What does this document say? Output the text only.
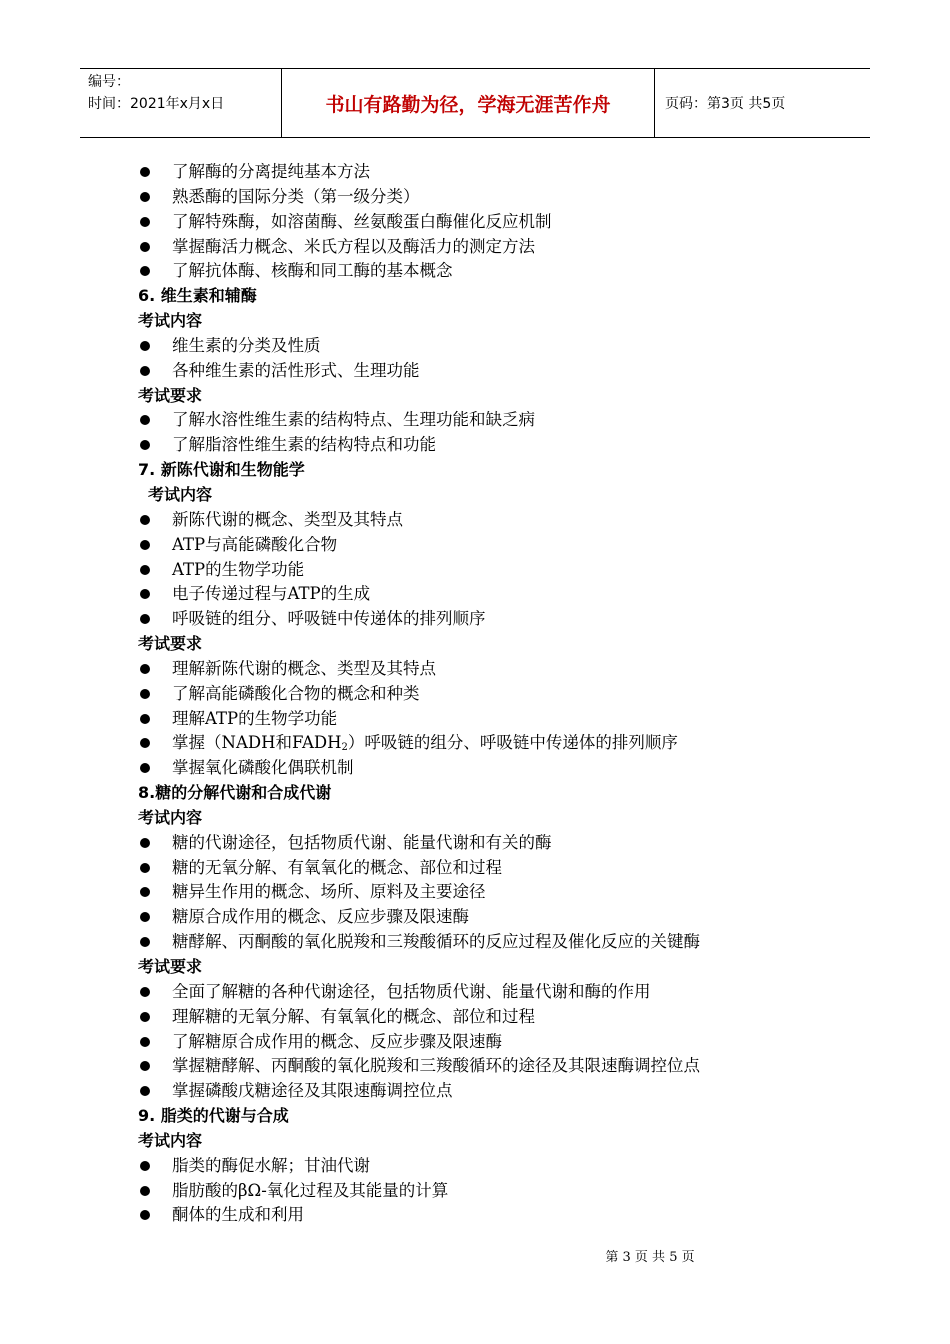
编号：
时间：2021年x月x日	书山有路勤为径，学海无涯苦作舟	页码：第3页 共5页
了解酶的分离提纯基本方法
熟悉酶的国际分类（第一级分类）
了解特殊酶，如溶菌酶、丝氨酸蛋白酶催化反应机制
掌握酶活力概念、米氏方程以及酶活力的测定方法
了解抗体酶、核酶和同工酶的基本概念
6. 维生素和辅酶
考试内容
维生素的分类及性质
各种维生素的活性形式、生理功能
考试要求
了解水溶性维生素的结构特点、生理功能和缺乏病
了解脂溶性维生素的结构特点和功能
7. 新陈代谢和生物能学
考试内容
新陈代谢的概念、类型及其特点
ATP与高能磷酸化合物
ATP的生物学功能
电子传递过程与ATP的生成
呼吸链的组分、呼吸链中传递体的排列顺序
考试要求
理解新陈代谢的概念、类型及其特点
了解高能磷酸化合物的概念和种类
理解ATP的生物学功能
掌握（NADH和$FADH_2$）呼吸链的组分、呼吸链中传递体的排列顺序
掌握氧化磷酸化偶联机制
8.糖的分解代谢和合成代谢
考试内容
糖的代谢途径，包括物质代谢、能量代谢和有关的酶
糖的无氧分解、有氧氧化的概念、部位和过程
糖异生作用的概念、场所、原料及主要途径
糖原合成作用的概念、反应步骤及限速酶
糖酵解、丙酮酸的氧化脱羧和三羧酸循环的反应过程及催化反应的关键酶
考试要求
全面了解糖的各种代谢途径，包括物质代谢、能量代谢和酶的作用
理解糖的无氧分解、有氧氧化的概念、部位和过程
了解糖原合成作用的概念、反应步骤及限速酶
掌握糖酵解、丙酮酸的氧化脱羧和三羧酸循环的途径及其限速酶调控位点
掌握磷酸戊糖途径及其限速酶调控位点
9. 脂类的代谢与合成
考试内容
脂类的酶促水解；甘油代谢
脂肪酸的βΩ-氧化过程及其能量的计算
酮体的生成和利用
第 3 页 共 5 页
